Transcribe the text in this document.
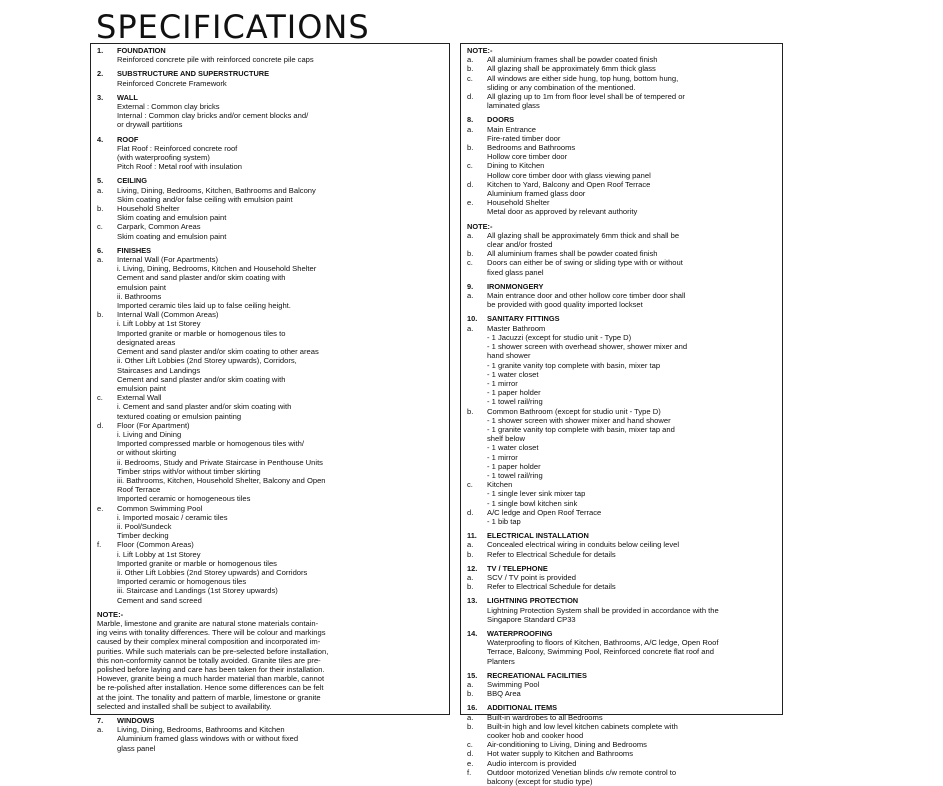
SPECIFICATIONS
1.	FOUNDATION
Reinforced concrete pile with reinforced concrete pile caps
2.	SUBSTRUCTURE AND SUPERSTRUCTURE
Reinforced Concrete Framework
3.	WALL
External : Common clay bricks
Internal : Common clay bricks and/or cement blocks and/
or drywall partitions
4.	ROOF
Flat Roof : Reinforced concrete roof
(with waterproofing system)
Pitch Roof : Metal roof with insulation
5.	CEILING
a.	Living, Dining, Bedrooms, Kitchen, Bathrooms and Balcony
Skim coating and/or false ceiling with emulsion paint
b.	Household Shelter
Skim coating and emulsion paint
c.	Carpark, Common Areas
Skim coating and emulsion paint
6.	FINISHES
a.	Internal Wall (For Apartments)
i. Living, Dining, Bedrooms, Kitchen and Household Shelter
Cement and sand plaster and/or skim coating with
emulsion paint
ii. Bathrooms
Imported ceramic tiles laid up to false ceiling height.
b.	Internal Wall (Common Areas)
i. Lift Lobby at 1st Storey
Imported granite or marble or homogenous tiles to
designated areas
Cement and sand plaster and/or skim coating to other areas
ii. Other Lift Lobbies (2nd Storey upwards), Corridors,
Staircases and Landings
Cement and sand plaster and/or skim coating with
emulsion paint
c.	External Wall
i. Cement and sand plaster and/or skim coating with
textured coating or emulsion painting
d.	Floor (For Apartment)
i. Living and Dining
Imported compressed marble or homogenous tiles with/
or without skirting
ii. Bedrooms, Study and Private Staircase in Penthouse Units
Timber strips with/or without timber skirting
iii. Bathrooms, Kitchen, Household Shelter, Balcony and Open
Roof Terrace
Imported ceramic or homogeneous tiles
e.	Common Swimming Pool
i. Imported mosaic / ceramic tiles
ii. Pool/Sundeck
Timber decking
f.	Floor (Common Areas)
i. Lift Lobby at 1st Storey
Imported granite or marble or homogenous tiles
ii. Other Lift Lobbies (2nd Storey upwards) and Corridors
Imported ceramic or homogenous tiles
iii. Staircase and Landings (1st Storey upwards)
Cement and sand screed
NOTE:-
Marble, limestone and granite are natural stone materials contain-
ing veins with tonality differences. There will be colour and markings
caused by their complex mineral composition and incorporated im-
purities. While such materials can be pre-selected before installation,
this non-conformity cannot be totally avoided. Granite tiles are pre-
polished before laying and care has been taken for their installation.
However, granite being a much harder material than marble, cannot
be re-polished after installation. Hence some differences can be felt
at the joint. The tonality and pattern of marble, limestone or granite
selected and installed shall be subject to availability.
7.	WINDOWS
a.	Living, Dining, Bedrooms, Bathrooms and Kitchen
Aluminium framed glass windows with or without fixed
glass panel
NOTE:-
a.	All aluminium frames shall be powder coated finish
b.	All glazing shall be approximately 6mm thick glass
c.	All windows are either side hung, top hung, bottom hung,
sliding or any combination of the mentioned.
d.	All glazing up to 1m from floor level shall be of tempered or
laminated glass
8.	DOORS
a.	Main Entrance
Fire-rated timber door
b.	Bedrooms and Bathrooms
Hollow core timber door
c.	Dining to Kitchen
Hollow core timber door with glass viewing panel
d.	Kitchen to Yard, Balcony and Open Roof Terrace
Aluminium framed glass door
e.	Household Shelter
Metal door as approved by relevant authority
NOTE:-
a.	All glazing shall be approximately 6mm thick and shall be
clear and/or frosted
b.	All aluminium frames shall be powder coated finish
c.	Doors can either be of swing or sliding type with or without
fixed glass panel
9.	IRONMONGERY
a.	Main entrance door and other hollow core timber door shall
be provided with good quality imported lockset
10.	SANITARY FITTINGS
a.	Master Bathroom
- 1 Jacuzzi (except for studio unit - Type D)
- 1 shower screen with overhead shower, shower mixer and
hand shower
- 1 granite vanity top complete with basin, mixer tap
- 1 water closet
- 1 mirror
- 1 paper holder
- 1 towel rail/ring
b.	Common Bathroom (except for studio unit - Type D)
- 1 shower screen with shower mixer and hand shower
- 1 granite vanity top complete with basin, mixer tap and
shelf below
- 1 water closet
- 1 mirror
- 1 paper holder
- 1 towel rail/ring
c.	Kitchen
- 1 single lever sink mixer tap
- 1 single bowl kitchen sink
d.	A/C ledge and Open Roof Terrace
- 1 bib tap
11.	ELECTRICAL INSTALLATION
a.	Concealed electrical wiring in conduits below ceiling level
b.	Refer to Electrical Schedule for details
12.	TV / TELEPHONE
a.	SCV / TV point is provided
b.	Refer to Electrical Schedule for details
13.	LIGHTNING PROTECTION
Lightning Protection System shall be provided in accordance with the
Singapore Standard CP33
14.	WATERPROOFING
Waterproofing to floors of Kitchen, Bathrooms, A/C ledge, Open Roof
Terrace, Balcony, Swimming Pool, Reinforced concrete flat roof and
Planters
15.	RECREATIONAL FACILITIES
a.	Swimming Pool
b.	BBQ Area
16.	ADDITIONAL ITEMS
a.	Built-in wardrobes to all Bedrooms
b.	Built-in high and low level kitchen cabinets complete with
cooker hob and cooker hood
c.	Air-conditioning to Living, Dining and Bedrooms
d.	Hot water supply to Kitchen and Bathrooms
e.	Audio intercom is provided
f.	Outdoor motorized Venetian blinds c/w remote control to
balcony (except for studio type)
